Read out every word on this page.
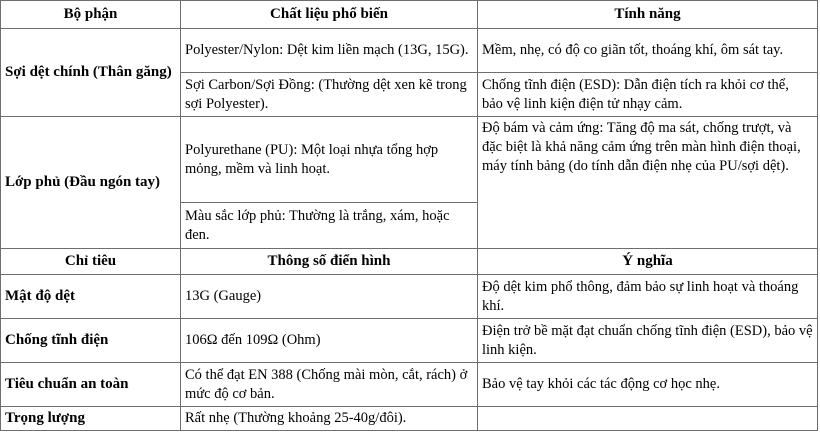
Bộ phận	Chất liệu phổ biến	Tính năng
Sợi dệt chính (Thân găng)	Polyester/Nylon: Dệt kim liền mạch (13G, 15G).	Mềm, nhẹ, có độ co giãn tốt, thoáng khí, ôm sát tay.
	Sợi Carbon/Sợi Đồng: (Thường dệt xen kẽ trong sợi Polyester).	Chống tĩnh điện (ESD): Dẫn điện tích ra khỏi cơ thể, bảo vệ linh kiện điện tử nhạy cảm.
Lớp phủ (Đầu ngón tay)	Polyurethane (PU): Một loại nhựa tổng hợp mỏng, mềm và linh hoạt.	Độ bám và cảm ứng: Tăng độ ma sát, chống trượt, và đặc biệt là khả năng cảm ứng trên màn hình điện thoại, máy tính bảng (do tính dẫn điện nhẹ của PU/sợi dệt).
	Màu sắc lớp phủ: Thường là trắng, xám, hoặc đen.	
Chỉ tiêu	Thông số điển hình	Ý nghĩa
Mật độ dệt	13G (Gauge)	Độ dệt kim phổ thông, đảm bảo sự linh hoạt và thoáng khí.
Chống tĩnh điện	106Ω đến 109Ω (Ohm)	Điện trở bề mặt đạt chuẩn chống tĩnh điện (ESD), bảo vệ linh kiện.
Tiêu chuẩn an toàn	Có thể đạt EN 388 (Chống mài mòn, cắt, rách) ở mức độ cơ bản.	Bảo vệ tay khỏi các tác động cơ học nhẹ.
Trọng lượng	Rất nhẹ (Thường khoảng 25-40g/đôi).	
